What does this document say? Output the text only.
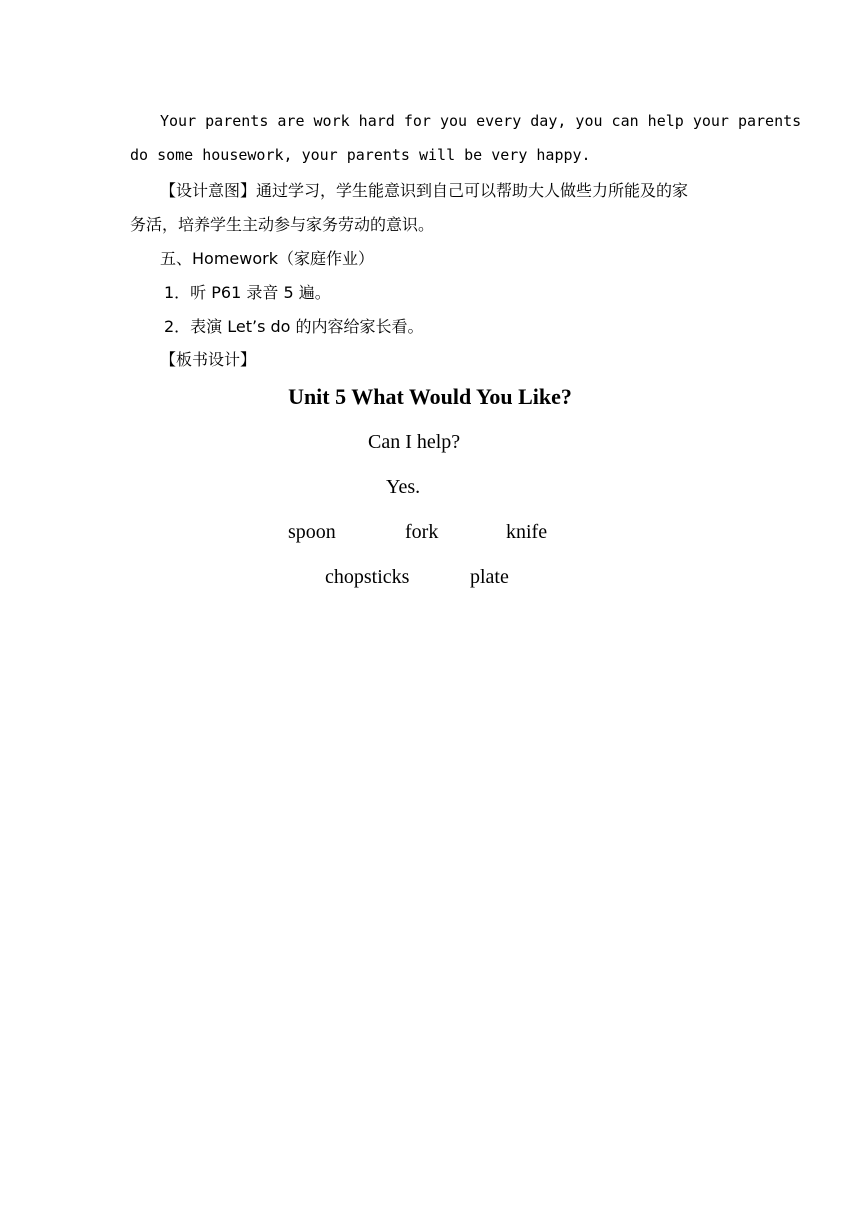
Your parents are work hard for you every day, you can help your parents
do some housework, your parents will be very happy.
【设计意图】通过学习，学生能意识到自己可以帮助大人做些力所能及的家
务活，培养学生主动参与家务劳动的意识。
五、Homework（家庭作业）
1．听 P61 录音 5 遍。
2．表演 Let’s do 的内容给家长看。
【板书设计】
Unit 5 What Would You Like?
Can I help?
Yes.
spoon	fork	knife
chopsticks	plate
